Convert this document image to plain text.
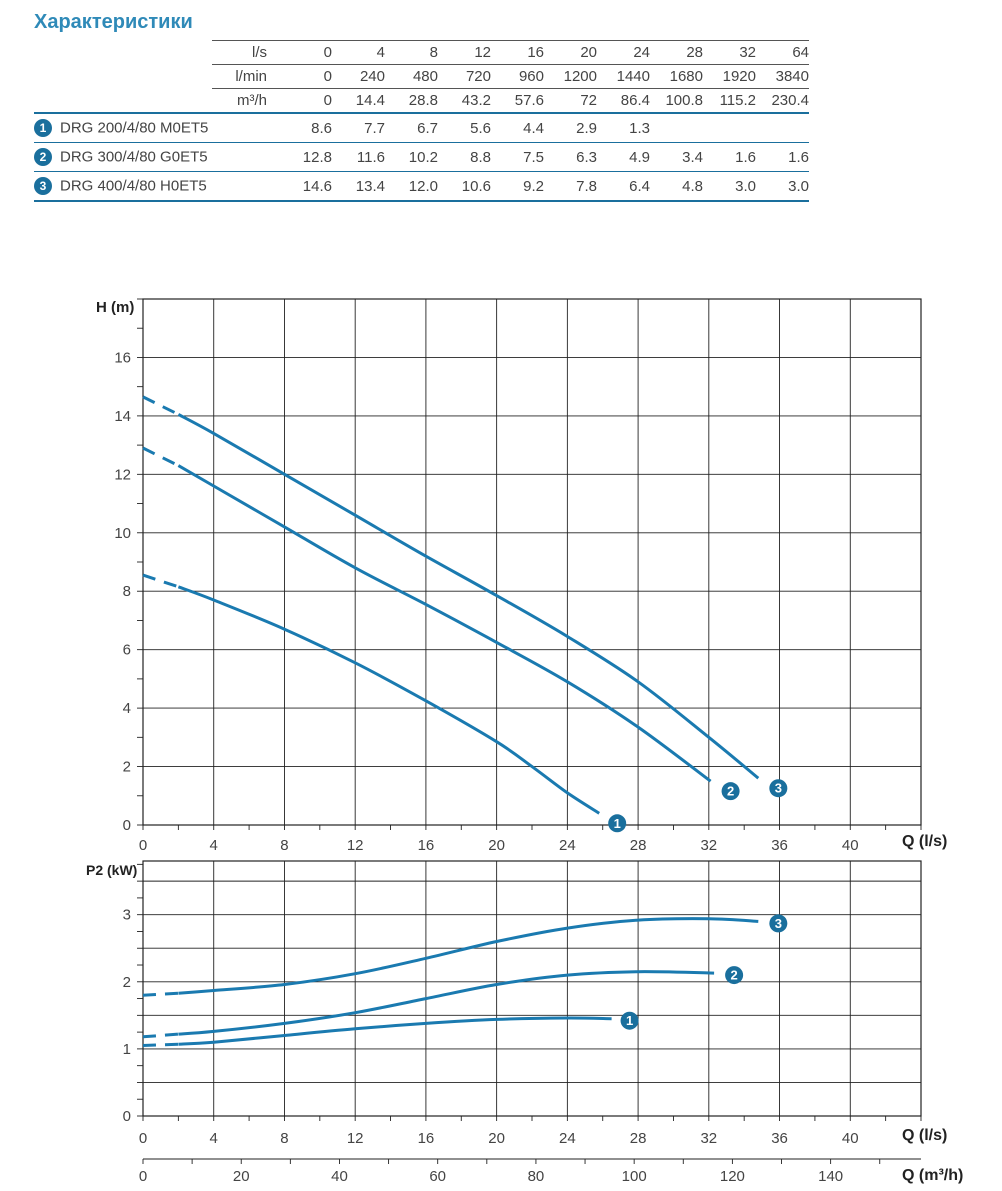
Характеристики
	l/s	0	4	8	12	16	20	24	28	32	64
	l/min	0	240	480	720	960	1200	1440	1680	1920	3840
	m³/h	0	14.4	28.8	43.2	57.6	72	86.4	100.8	115.2	230.4
1 DRG 200/4/80 M0ET5		8.6	7.7	6.7	5.6	4.4	2.9	1.3			
2 DRG 300/4/80 G0ET5		12.8	11.6	10.2	8.8	7.5	6.3	4.9	3.4	1.6	1.6
3 DRG 400/4/80 H0ET5		14.6	13.4	12.0	10.6	9.2	7.8	6.4	4.8	3.0	3.0
0
2
4
6
8
10
12
14
16
0	4	8	12	16	20	24	28	32	36	40
H (m)
Q (l/s)
1
2	3
0
1
2
3
0	4	8	12	16	20	24	28	32	36	40
P2 (kW)
Q (l/s)
1
2
3
0	20	40	60	80	100	120	140	Q (m³/h)
